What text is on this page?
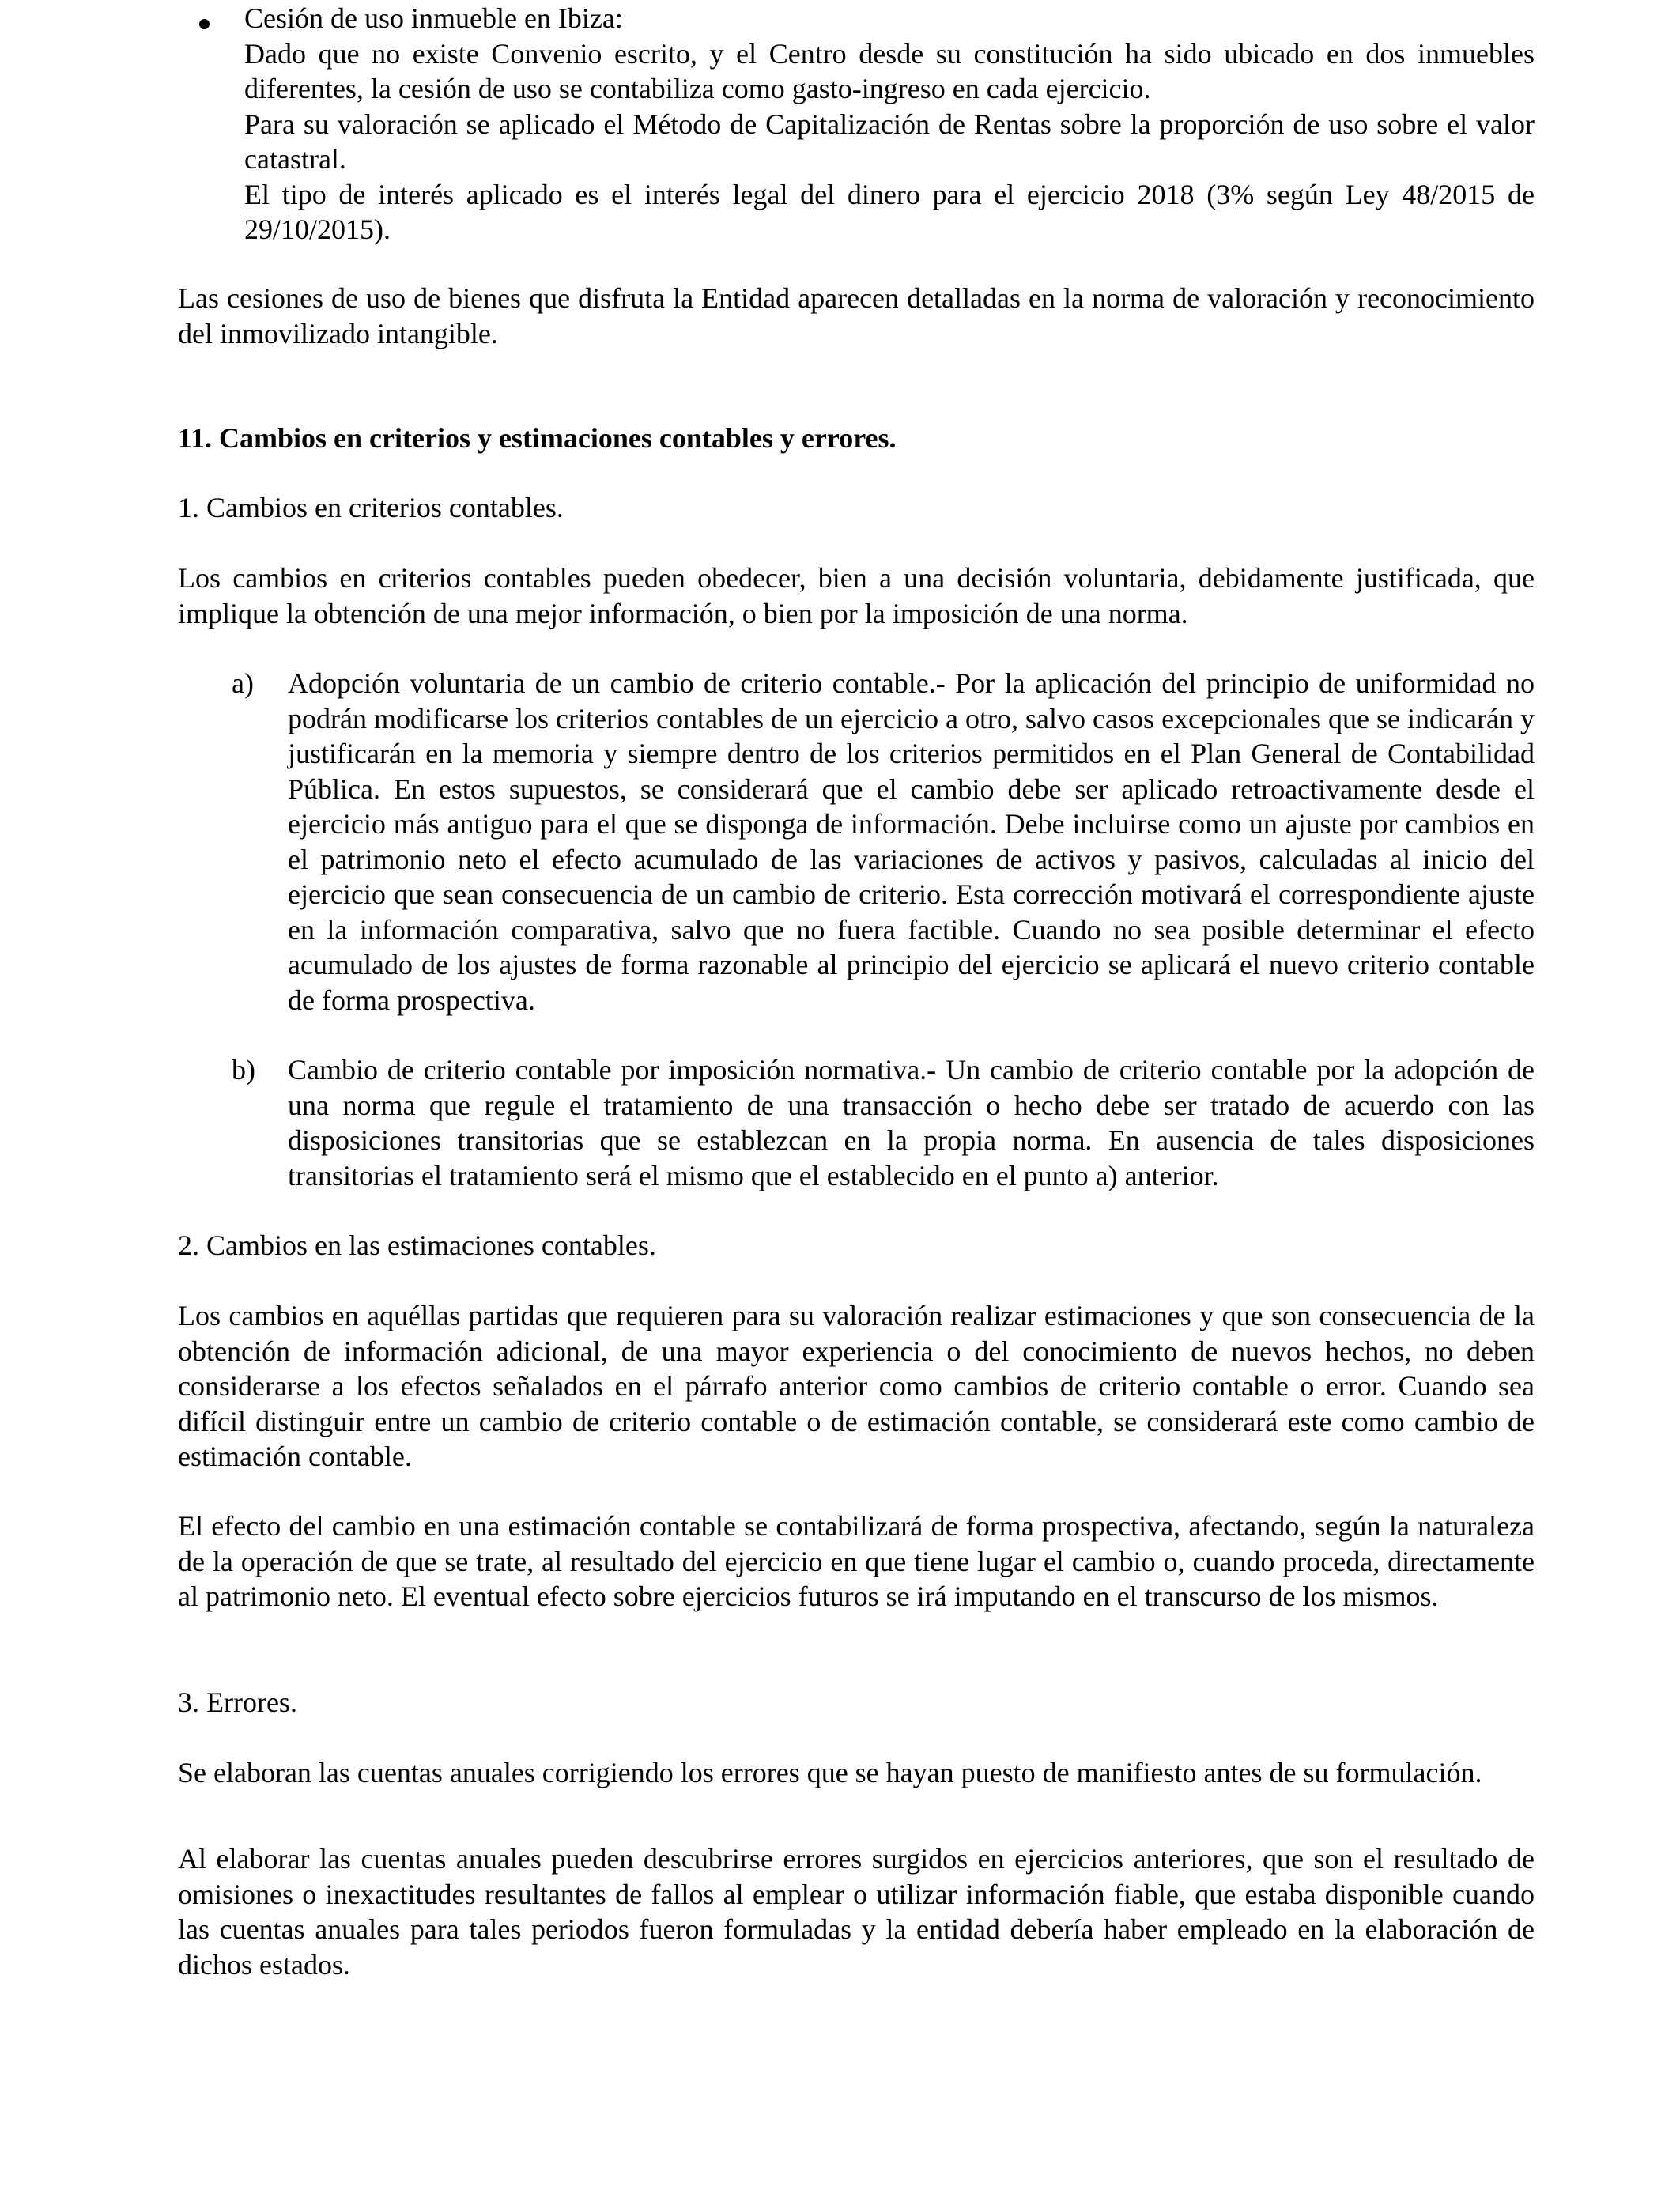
Cesión de uso inmueble en Ibiza:

Dado que no existe Convenio escrito, y el Centro desde su constitución ha sido ubicado en dos inmuebles diferentes, la cesión de uso se contabiliza como gasto-ingreso en cada ejercicio.

Para su valoración se aplicado el Método de Capitalización de Rentas sobre la proporción de uso sobre el valor catastral.

El tipo de interés aplicado es el interés legal del dinero para el ejercicio 2018 (3% según Ley 48/2015 de 29/10/2015).

Las cesiones de uso de bienes que disfruta la Entidad aparecen detalladas en la norma de valoración y reconocimiento del inmovilizado intangible.

11. Cambios en criterios y estimaciones contables y errores.

1. Cambios en criterios contables.

Los cambios en criterios contables pueden obedecer, bien a una decisión voluntaria, debidamente justificada, que implique la obtención de una mejor información, o bien por la imposición de una norma.

a) Adopción voluntaria de un cambio de criterio contable.- Por la aplicación del principio de uniformidad no podrán modificarse los criterios contables de un ejercicio a otro, salvo casos excepcionales que se indicarán y justificarán en la memoria y siempre dentro de los criterios permitidos en el Plan General de Contabilidad Pública. En estos supuestos, se considerará que el cambio debe ser aplicado retroactivamente desde el ejercicio más antiguo para el que se disponga de información. Debe incluirse como un ajuste por cambios en el patrimonio neto el efecto acumulado de las variaciones de activos y pasivos, calculadas al inicio del ejercicio que sean consecuencia de un cambio de criterio. Esta corrección motivará el correspondiente ajuste en la información comparativa, salvo que no fuera factible. Cuando no sea posible determinar el efecto acumulado de los ajustes de forma razonable al principio del ejercicio se aplicará el nuevo criterio contable de forma prospectiva.

b) Cambio de criterio contable por imposición normativa.- Un cambio de criterio contable por la adopción de una norma que regule el tratamiento de una transacción o hecho debe ser tratado de acuerdo con las disposiciones transitorias que se establezcan en la propia norma. En ausencia de tales disposiciones transitorias el tratamiento será el mismo que el establecido en el punto a) anterior.

2. Cambios en las estimaciones contables.

Los cambios en aquéllas partidas que requieren para su valoración realizar estimaciones y que son consecuencia de la obtención de información adicional, de una mayor experiencia o del conocimiento de nuevos hechos, no deben considerarse a los efectos señalados en el párrafo anterior como cambios de criterio contable o error. Cuando sea difícil distinguir entre un cambio de criterio contable o de estimación contable, se considerará este como cambio de estimación contable.

El efecto del cambio en una estimación contable se contabilizará de forma prospectiva, afectando, según la naturaleza de la operación de que se trate, al resultado del ejercicio en que tiene lugar el cambio o, cuando proceda, directamente al patrimonio neto. El eventual efecto sobre ejercicios futuros se irá imputando en el transcurso de los mismos.

3. Errores.

Se elaboran las cuentas anuales corrigiendo los errores que se hayan puesto de manifiesto antes de su formulación.

Al elaborar las cuentas anuales pueden descubrirse errores surgidos en ejercicios anteriores, que son el resultado de omisiones o inexactitudes resultantes de fallos al emplear o utilizar información fiable, que estaba disponible cuando las cuentas anuales para tales periodos fueron formuladas y la entidad debería haber empleado en la elaboración de dichos estados.
